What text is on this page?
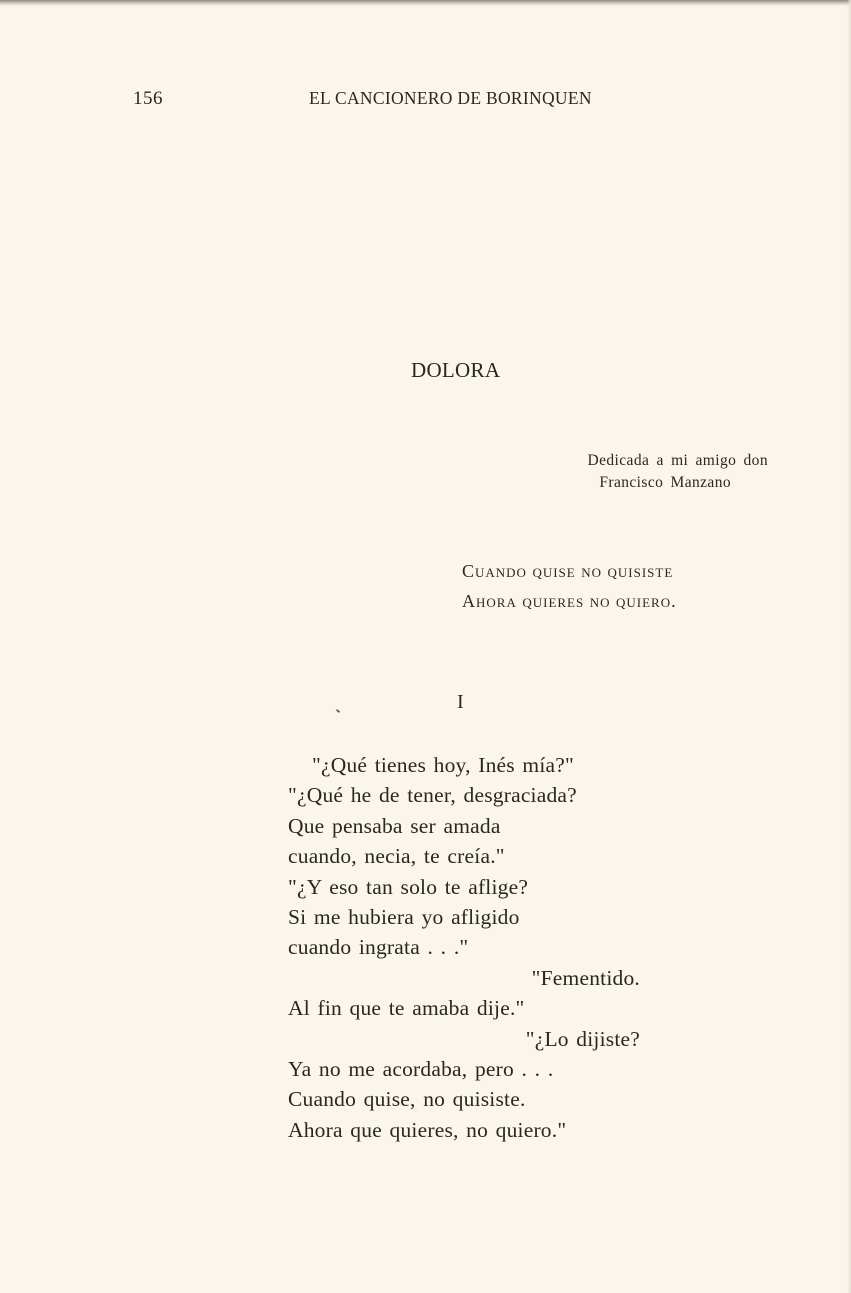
156	EL CANCIONERO DE BORINQUEN
DOLORA
Dedicada a mi amigo don
Francisco Manzano
Cuando quise no quisiste
Ahora quieres no quiero.
I
"¿Qué tienes hoy, Inés mía?"
"¿Qué he de tener, desgraciada?
Que pensaba ser amada
cuando, necia, te creía."
"¿Y eso tan solo te aflige?
Si me hubiera yo afligido
cuando ingrata . . ."
"Fementido.
Al fin que te amaba dije."
"¿Lo dijiste?
Ya no me acordaba, pero . . .
Cuando quise, no quisiste.
Ahora que quieres, no quiero."
